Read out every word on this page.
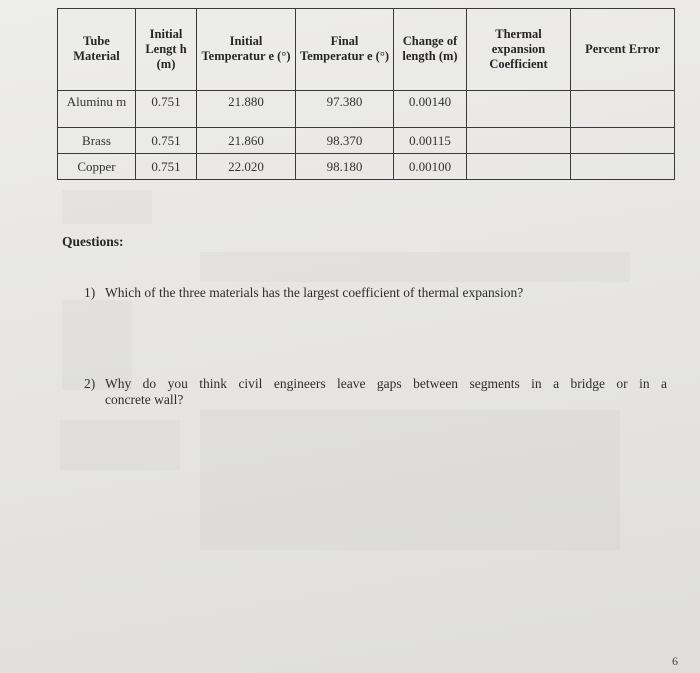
Tube Material	Initial Lengt h (m)	Initial Temperatur e (°)	Final Temperatur e (°)	Change of length (m)	Thermal expansion Coefficient	Percent Error
Aluminu m	0.751	21.880	97.380	0.00140		
Brass	0.751	21.860	98.370	0.00115		
Copper	0.751	22.020	98.180	0.00100		

Questions:

1) Which of the three materials has the largest coefficient of thermal expansion?

2) Why do you think civil engineers leave gaps between segments in a bridge or in a
concrete wall?

6
